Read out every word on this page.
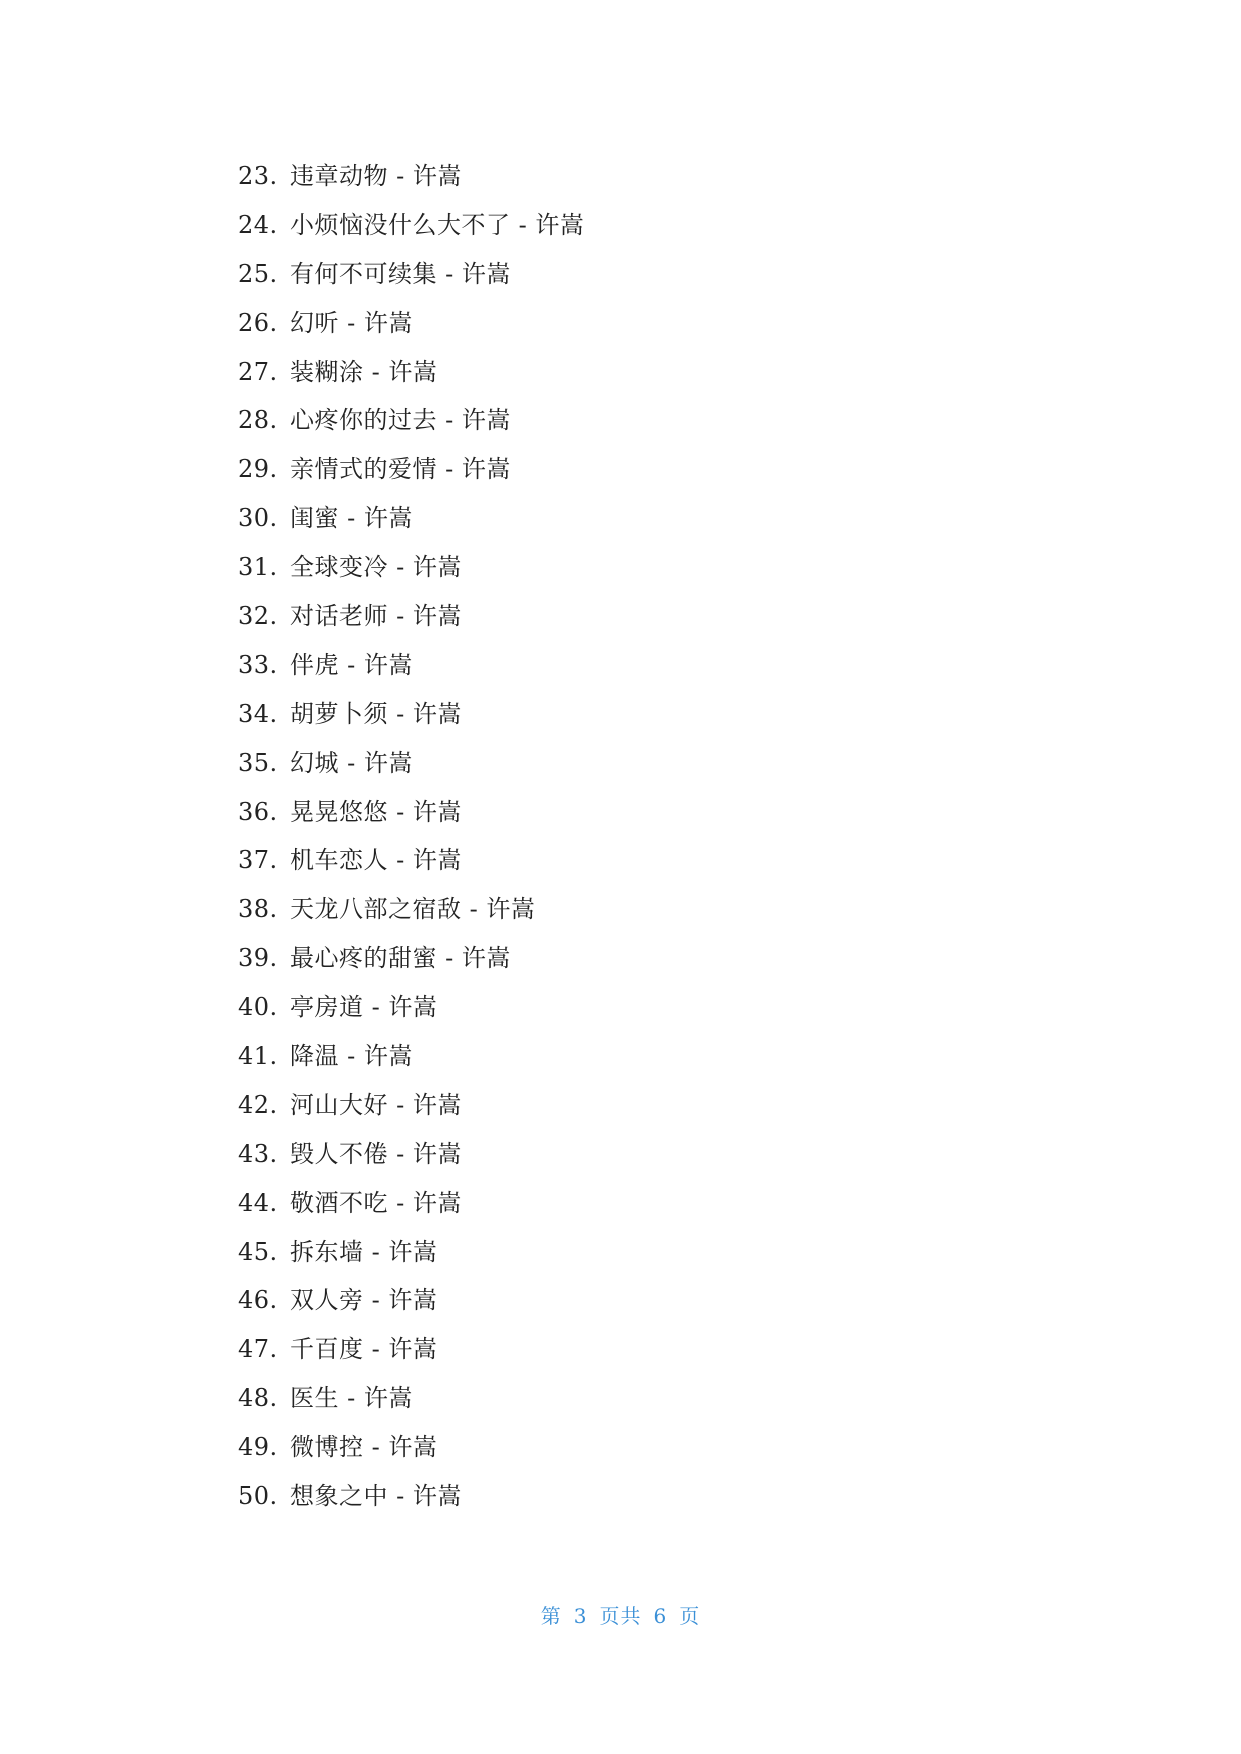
23. 违章动物 - 许嵩
24. 小烦恼没什么大不了 - 许嵩
25. 有何不可续集 - 许嵩
26. 幻听 - 许嵩
27. 装糊涂 - 许嵩
28. 心疼你的过去 - 许嵩
29. 亲情式的爱情 - 许嵩
30. 闺蜜 - 许嵩
31. 全球变冷 - 许嵩
32. 对话老师 - 许嵩
33. 伴虎 - 许嵩
34. 胡萝卜须 - 许嵩
35. 幻城 - 许嵩
36. 晃晃悠悠 - 许嵩
37. 机车恋人 - 许嵩
38. 天龙八部之宿敌 - 许嵩
39. 最心疼的甜蜜 - 许嵩
40. 亭房道 - 许嵩
41. 降温 - 许嵩
42. 河山大好 - 许嵩
43. 毁人不倦 - 许嵩
44. 敬酒不吃 - 许嵩
45. 拆东墙 - 许嵩
46. 双人旁 - 许嵩
47. 千百度 - 许嵩
48. 医生 - 许嵩
49. 微博控 - 许嵩
50. 想象之中 - 许嵩
第 3 页共 6 页
